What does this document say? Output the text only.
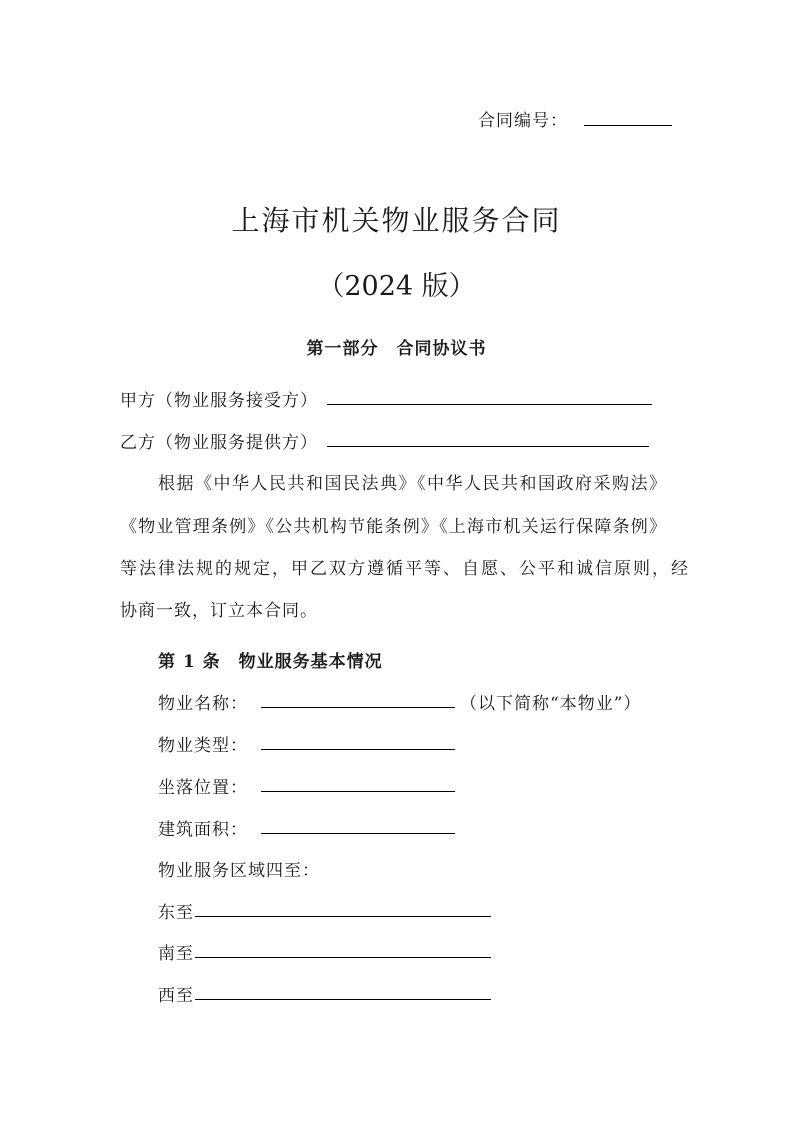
合同编号：
上海市机关物业服务合同
（2024 版）
第一部分　合同协议书
甲方（物业服务接受方）
乙方（物业服务提供方）
根据《中华人民共和国民法典》《中华人民共和国政府采购法》
《物业管理条例》《公共机构节能条例》《上海市机关运行保障条例》
等法律法规的规定，甲乙双方遵循平等、自愿、公平和诚信原则，经
协商一致，订立本合同。
第 1 条　物业服务基本情况
物业名称：	（以下简称“本物业”）
物业类型：
坐落位置：
建筑面积：
物业服务区域四至：
东至
南至
西至
